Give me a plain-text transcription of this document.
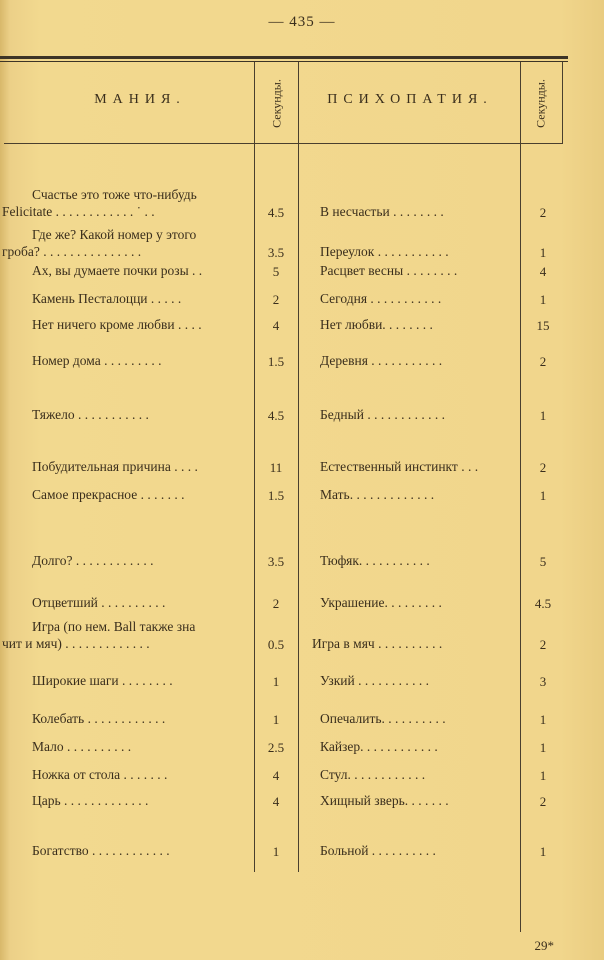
— 435 —
МАНИЯ.	Секунды.	ПСИХОПАТИЯ.	Секунды.
Счастье это тоже что-нибудь
Felicitate . . . . . . . . . . . . ˙ . .	4.5	В несчастьи . . . . . . . .	2
Где же? Какой номер у этого
гроба? . . . . . . . . . . . . . . .	3.5	Переулок . . . . . . . . . . .	1
Ах, вы думаете почки розы . .	5	Расцвет весны . . . . . . . .	4
Камень Песталоцци . . . . .	2	Сегодня . . . . . . . . . . .	1
Нет ничего кроме любви . . . .	4	Нет любви. . . . . . . .	15
Номер дома . . . . . . . . .	1.5	Деревня . . . . . . . . . . .	2
Тяжело . . . . . . . . . . .	4.5	Бедный . . . . . . . . . . . .	1
Побудительная причина . . . .	11	Естественный инстинкт . . .	2
Самое прекрасное . . . . . . .	1.5	Мать. . . . . . . . . . . . .	1
Долго? . . . . . . . . . . . .	3.5	Тюфяк. . . . . . . . . . .	5
Отцветший . . . . . . . . . .	2	Украшение. . . . . . . . .	4.5
Игра (по нем. Ball также зна
чит и мяч) . . . . . . . . . . . . .	0.5	Игра в мяч . . . . . . . . . .	2
Широкие шаги . . . . . . . .	1	Узкий . . . . . . . . . . .	3
Колебать . . . . . . . . . . . .	1	Опечалить. . . . . . . . . .	1
Мало . . . . . . . . . .	2.5	Кайзер. . . . . . . . . . . .	1
Ножка от стола . . . . . . .	4	Стул. . . . . . . . . . . .	1
Царь . . . . . . . . . . . . .	4	Хищный зверь. . . . . . .	2
Богатство . . . . . . . . . . . .	1	Больной . . . . . . . . . .	1
29*
